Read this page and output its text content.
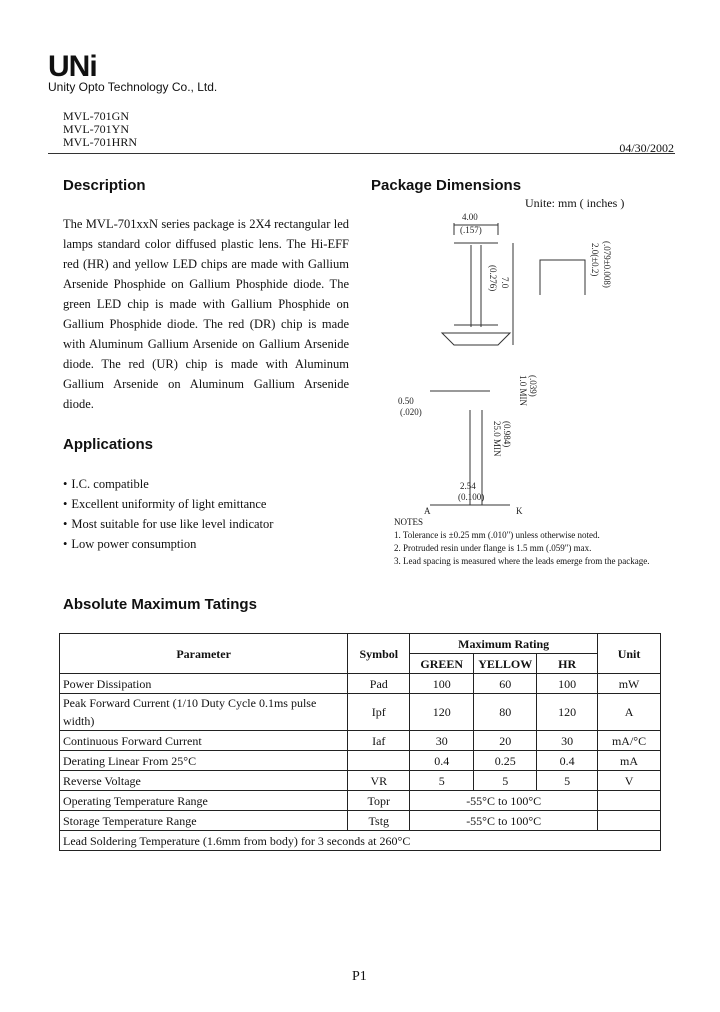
UNi
Unity Opto Technology Co., Ltd.
MVL-701GN
MVL-701YN
MVL-701HRN	04/30/2002
Description
The MVL-701xxN series package is 2X4 rectangular led lamps standard color diffused plastic lens. The Hi-EFF red (HR) and yellow LED chips are made with Gallium Arsenide Phosphide on Gallium Phosphide diode. The green LED chip is made with Gallium Phosphide on Gallium Phosphide diode. The red (DR) chip is made with Aluminum Gallium Arsenide on Gallium Arsenide diode. The red (UR) chip is made with Aluminum Gallium Arsenide on Aluminum Gallium Arsenide diode.
Applications
• I.C. compatible
• Excellent uniformity of light emittance
• Most suitable for use like level indicator
• Low power consumption
Package Dimensions
Unite: mm ( inches )
4.00
(.157)
7.0
(0.276)
2.0(±0.2) (.079±0.008)
0.50
(.020)
1.0 MIN (.039)
25.0 MIN (0.984)
2.54
(0.100)
A	K
NOTES
1. Tolerance is ±0.25 mm (.010") unless otherwise noted.
2. Protruded resin under flange is 1.5 mm (.059") max.
3. Lead spacing is measured where the leads emerge from the package.
Absolute Maximum Tatings
Parameter	Symbol	Maximum Rating			Unit
		GREEN	YELLOW	HR	
Power Dissipation	Pad	100	60	100	mW
Peak Forward Current (1/10 Duty Cycle 0.1ms pulse width)	Ipf	120	80	120	A
Continuous Forward Current	Iaf	30	20	30	mA/°C
Derating Linear From 25°C		0.4	0.25	0.4	mA
Reverse Voltage	VR	5	5	5	V
Operating Temperature Range	Topr	-55°C to 100°C			
Storage Temperature Range	Tstg	-55°C to 100°C			
Lead Soldering Temperature (1.6mm from body) for 3 seconds at 260°C					
P1
